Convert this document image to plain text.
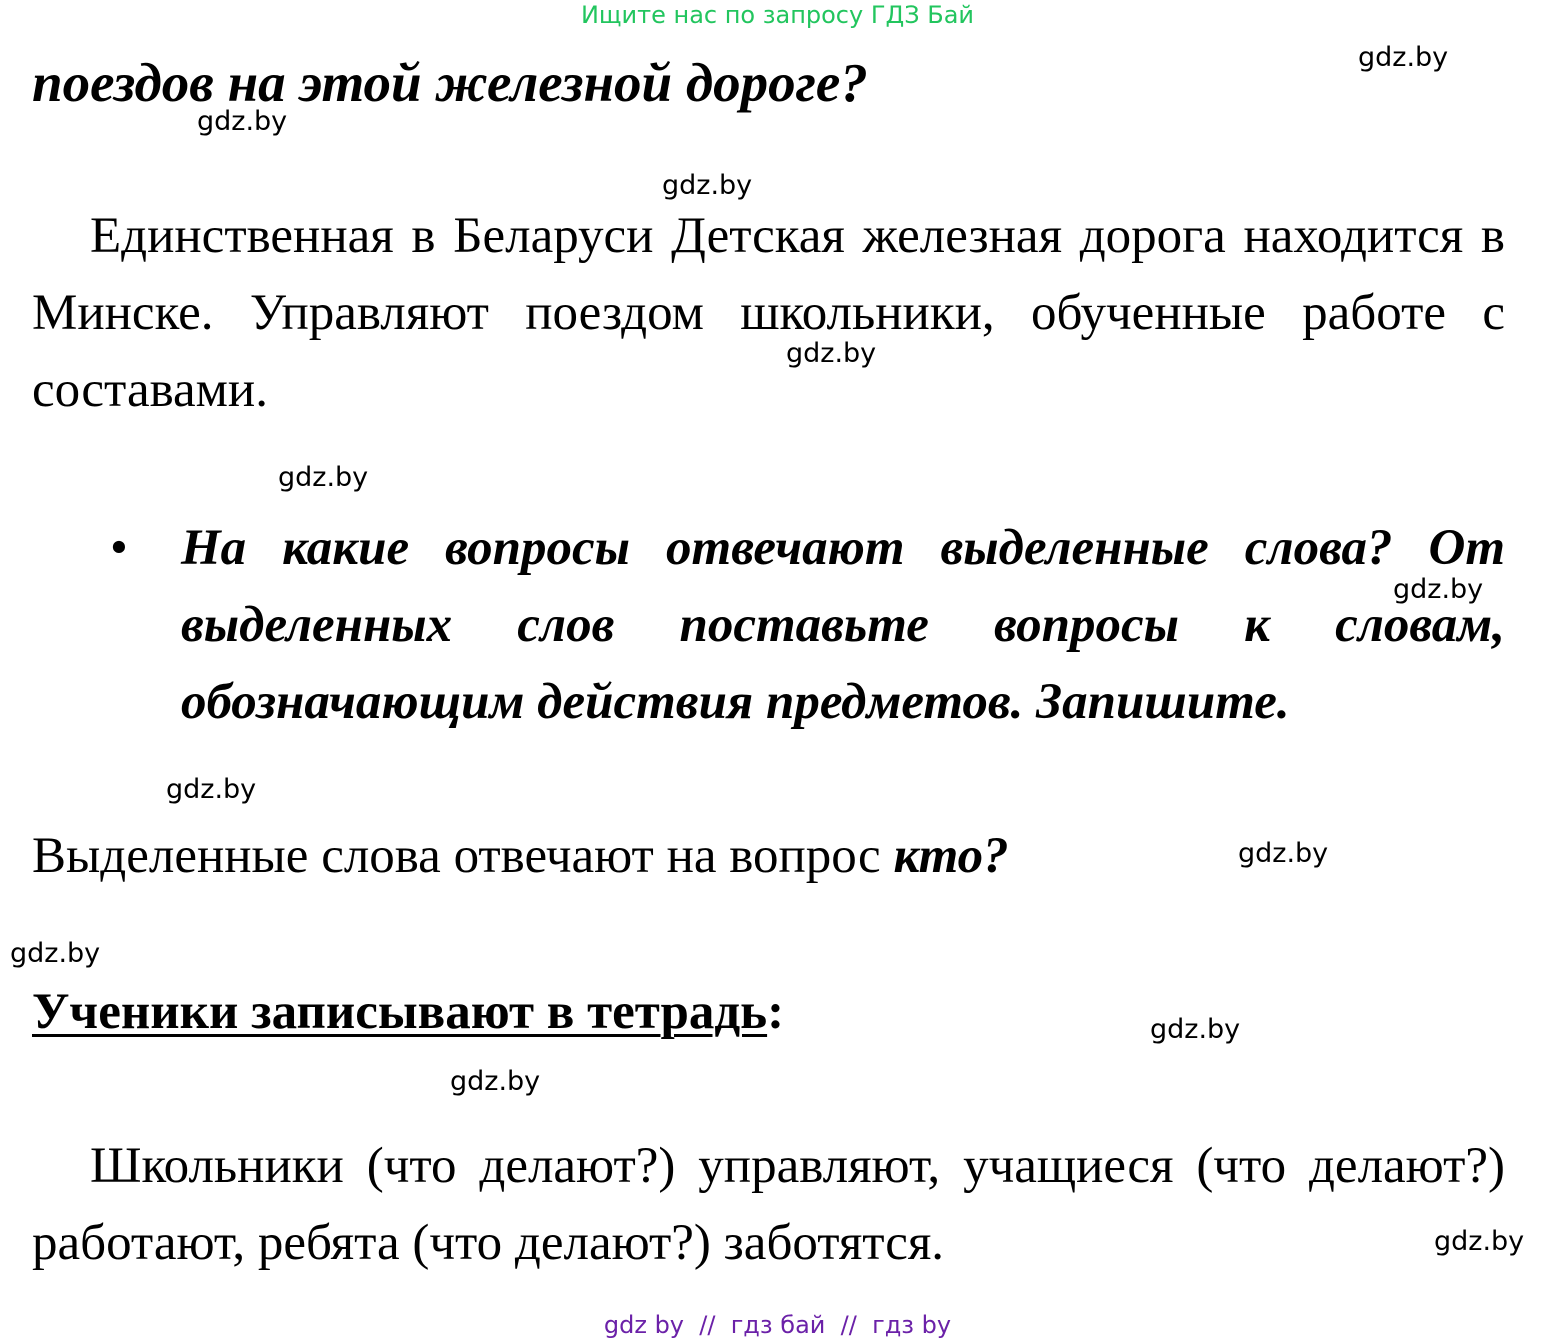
Ищите нас по запросу ГДЗ Бай
поездов на этой железной дороге?
Единственная в Беларуси Детская железная дорога находится в Минске. Управляют поездом школьники, обученные работе с составами.
• На какие вопросы отвечают выделенные слова? От выделенных слов поставьте вопросы к словам, обозначающим действия предметов. Запишите.
Выделенные слова отвечают на вопрос кто?
Ученики записывают в тетрадь:
Школьники (что делают?) управляют, учащиеся (что делают?) работают, ребята (что делают?) заботятся.
gdz.by
gdz.by
gdz.by
gdz.by
gdz.by
gdz.by
gdz.by
gdz.by
gdz.by
gdz.by
gdz.by
gdz.by
gdz by  //  гдз бай  //  гдз by
